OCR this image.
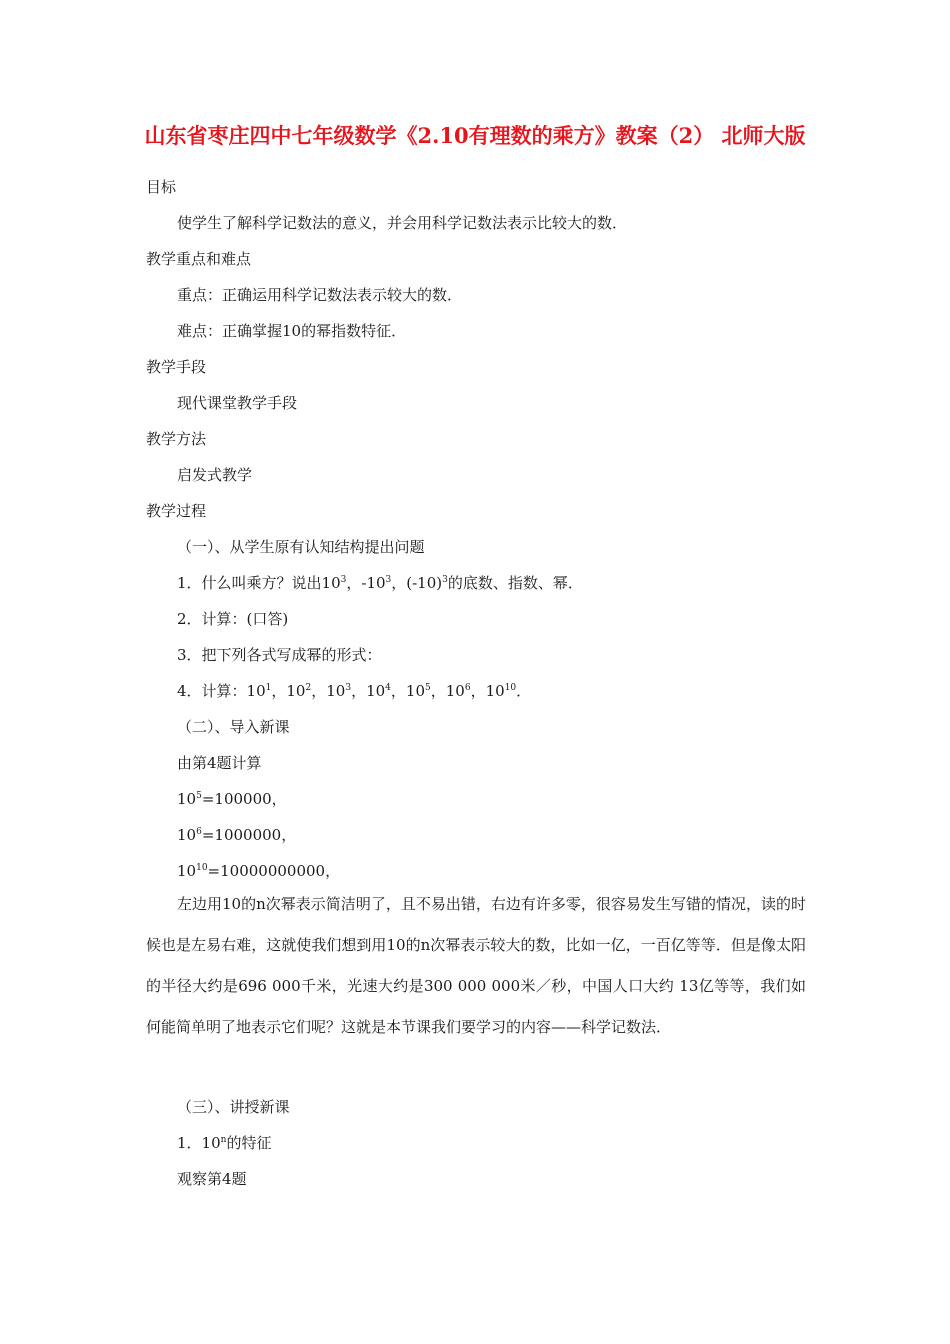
山东省枣庄四中七年级数学《2.10有理数的乘方》教案（2） 北师大版
目标
使学生了解科学记数法的意义，并会用科学记数法表示比较大的数．
教学重点和难点
重点：正确运用科学记数法表示较大的数．
难点：正确掌握10的幂指数特征．
教学手段
现代课堂教学手段
教学方法
启发式教学
教学过程
（一）、从学生原有认知结构提出问题
1．什么叫乘方？说出$10^3$，$-10^3$，$(-10)^3$的底数、指数、幂．
2．计算：(口答)
3．把下列各式写成幂的形式：
4．计算：$10^1$，$10^2$，$10^3$，$10^4$，$10^5$，$10^6$，$10^{10}$．
（二）、导入新课
由第4题计算
$10^5=100000$，
$10^6=1000000$，
$10^{10}=10000000000$，
左边用10的n次幂表示简洁明了，且不易出错，右边有许多零，很容易发生写错的情况，读的时候也是左易右难，这就使我们想到用10的n次幂表示较大的数，比如一亿，一百亿等等．但是像太阳的半径大约是696 000千米，光速大约是300 000 000米／秒，中国人口大约 13亿等等，我们如何能简单明了地表示它们呢？这就是本节课我们要学习的内容——科学记数法．
（三）、讲授新课
1．10$^n$的特征
观察第4题
